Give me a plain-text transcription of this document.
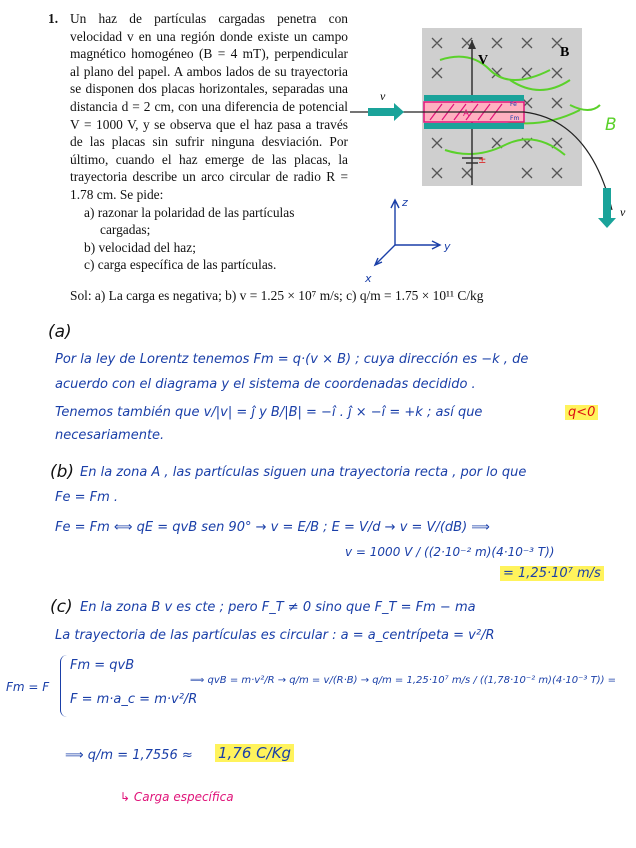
1. Un haz de partículas cargadas penetra con velocidad v en una región donde existe un campo magnético homogéneo (B = 4 mT), perpendicular al plano del papel. A ambos lados de su trayectoria se disponen dos placas horizontales, separadas una distancia d = 2 cm, con una diferencia de potencial V = 1000 V, y se observa que el haz pasa a través de las placas sin sufrir ninguna desviación. Por último, cuando el haz emerge de las placas, la trayectoria describe un arco circular de radio R = 1.78 cm. Se pide:
a) razonar la polaridad de las partículas cargadas;
b) velocidad del haz;
c) carga específica de las partículas.
Sol: a) La carga es negativa; b) v = 1.25 × 10⁷ m/s; c) q/m = 1.75 × 10¹¹ C/kg
V
B
v
v
Fe
Fm
A
B
±
z
y
x
(a)
Por la ley de Lorentz tenemos Fm = q·(v × B) ; cuya dirección es −k , de
acuerdo con el diagrama y el sistema de coordenadas decidido .
Tenemos también que v/|v| = ĵ y B/|B| = −î . ĵ × −î = +k ; así que	q<0
necesariamente.
(b) En la zona A , las partículas siguen una trayectoria recta , por lo que
Fe = Fm .
Fe = Fm ⟺ qE = qvB sen 90° → v = E/B ; E = V/d → v = V/(dB) ⟹
v = 1000 V / ((2·10⁻² m)(4·10⁻³ T))
= 1,25·10⁷ m/s
(c) En la zona B v es cte ; pero F_T ≠ 0 sino que F_T = Fm − ma
La trayectoria de las partículas es circular : a = a_centrípeta = v²/R
Fm = F
Fm = qvB
F = m·a_c = m·v²/R
⟹ qvB = m·v²/R → q/m = v/(R·B) → q/m = 1,25·10⁷ m/s / ((1,78·10⁻² m)(4·10⁻³ T)) =
⟹ q/m = 1,7556 ≈ 1,76 C/Kg
↳ Carga específica
